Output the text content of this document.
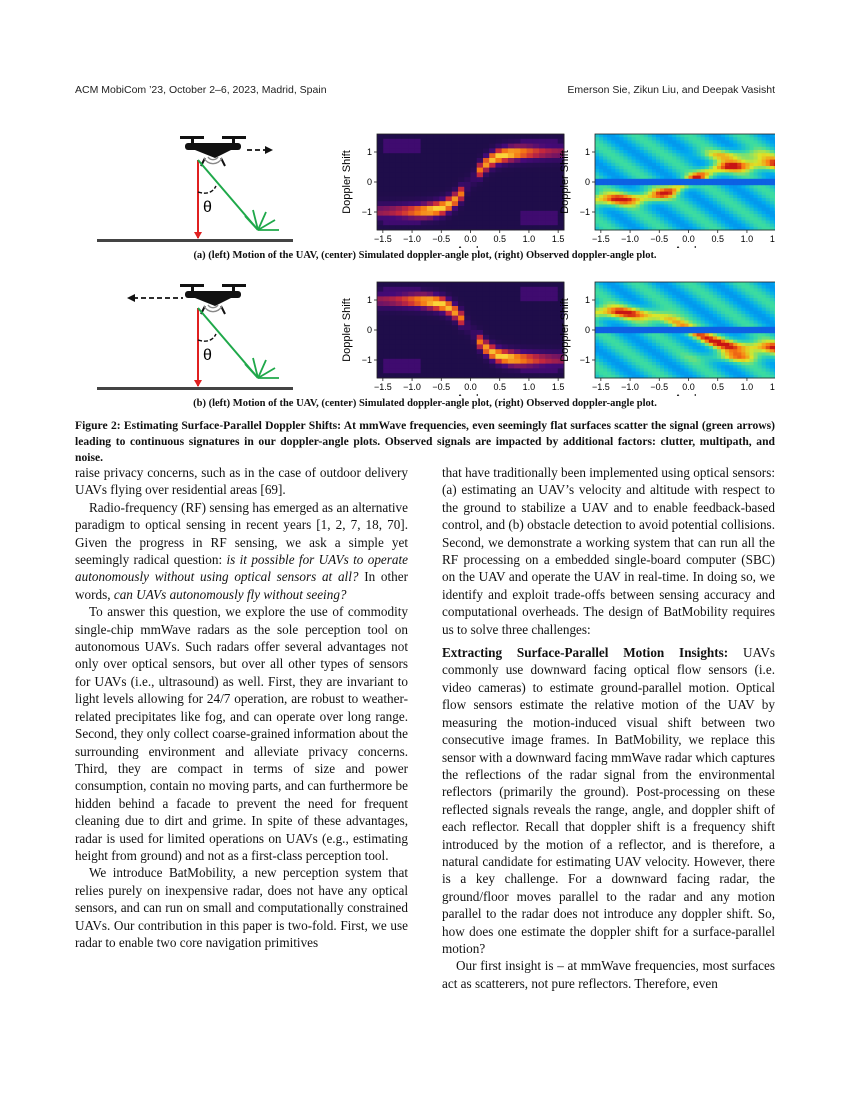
ACM MobiCom ’23, October 2–6, 2023, Madrid, Spain	Emerson Sie, Zikun Liu, and Deepak Vasisht
θ
−1.5 −1.0 −0.5 0.0 0.5 1.0 1.5
1
0
−1
Doppler Shift
−1.5 −1.0 −0.5 0.0 0.5 1.0 1
1
0
−1
Doppler Shift
(a) (left) Motion of the UAV, (center) Simulated doppler-angle plot, (right) Observed doppler-angle plot.
θ
−1.5 −1.0 −0.5 0.0 0.5 1.0 1.5
1
0
−1
Doppler Shift
−1.5 −1.0 −0.5 0.0 0.5 1.0 1
1
0
−1
Doppler Shift
(b) (left) Motion of the UAV, (center) Simulated doppler-angle plot, (right) Observed doppler-angle plot.
Figure 2: Estimating Surface-Parallel Doppler Shifts: At mmWave frequencies, even seemingly flat surfaces scatter the signal (green arrows) leading to continuous signatures in our doppler-angle plots. Observed signals are impacted by additional factors: clutter, multipath, and noise.

raise privacy concerns, such as in the case of outdoor delivery UAVs flying over residential areas [69].

Radio-frequency (RF) sensing has emerged as an alternative paradigm to optical sensing in recent years [1, 2, 7, 18, 70]. Given the progress in RF sensing, we ask a simple yet seemingly radical question: is it possible for UAVs to operate autonomously without using optical sensors at all? In other words, can UAVs autonomously fly without seeing?

To answer this question, we explore the use of commodity single-chip mmWave radars as the sole perception tool on autonomous UAVs. Such radars offer several advantages not only over optical sensors, but over all other types of sensors for UAVs (i.e., ultrasound) as well. First, they are invariant to light levels allowing for 24/7 operation, are robust to weather-related precipitates like fog, and can operate over long range. Second, they only collect coarse-grained information about the surrounding environment and alleviate privacy concerns. Third, they are compact in terms of size and power consumption, contain no moving parts, and can furthermore be hidden behind a facade to prevent the need for frequent cleaning due to dirt and grime. In spite of these advantages, radar is used for limited operations on UAVs (e.g., estimating height from ground) and not as a first-class perception tool.

We introduce BatMobility, a new perception system that relies purely on inexpensive radar, does not have any optical sensors, and can run on small and computationally constrained UAVs. Our contribution in this paper is two-fold. First, we use radar to enable two core navigation primitives

that have traditionally been implemented using optical sensors: (a) estimating an UAV’s velocity and altitude with respect to the ground to stabilize a UAV and to enable feedback-based control, and (b) obstacle detection to avoid potential collisions. Second, we demonstrate a working system that can run all the RF processing on a embedded single-board computer (SBC) on the UAV and operate the UAV in real-time. In doing so, we identify and exploit trade-offs between sensing accuracy and computational overheads. The design of BatMobility requires us to solve three challenges:

Extracting Surface-Parallel Motion Insights: UAVs commonly use downward facing optical flow sensors (i.e. video cameras) to estimate ground-parallel motion. Optical flow sensors estimate the relative motion of the UAV by measuring the motion-induced visual shift between two consecutive image frames. In BatMobility, we replace this sensor with a downward facing mmWave radar which captures the reflections of the radar signal from the environmental reflectors (primarily the ground). Post-processing on these reflected signals reveals the range, angle, and doppler shift of each reflector. Recall that doppler shift is a frequency shift introduced by the motion of a reflector, and is therefore, a natural candidate for estimating UAV velocity. However, there is a key challenge. For a downward facing radar, the ground/floor moves parallel to the radar and any motion parallel to the radar does not introduce any doppler shift. So, how does one estimate the doppler shift for a surface-parallel motion?

Our first insight is – at mmWave frequencies, most surfaces act as scatterers, not pure reflectors. Therefore, even
